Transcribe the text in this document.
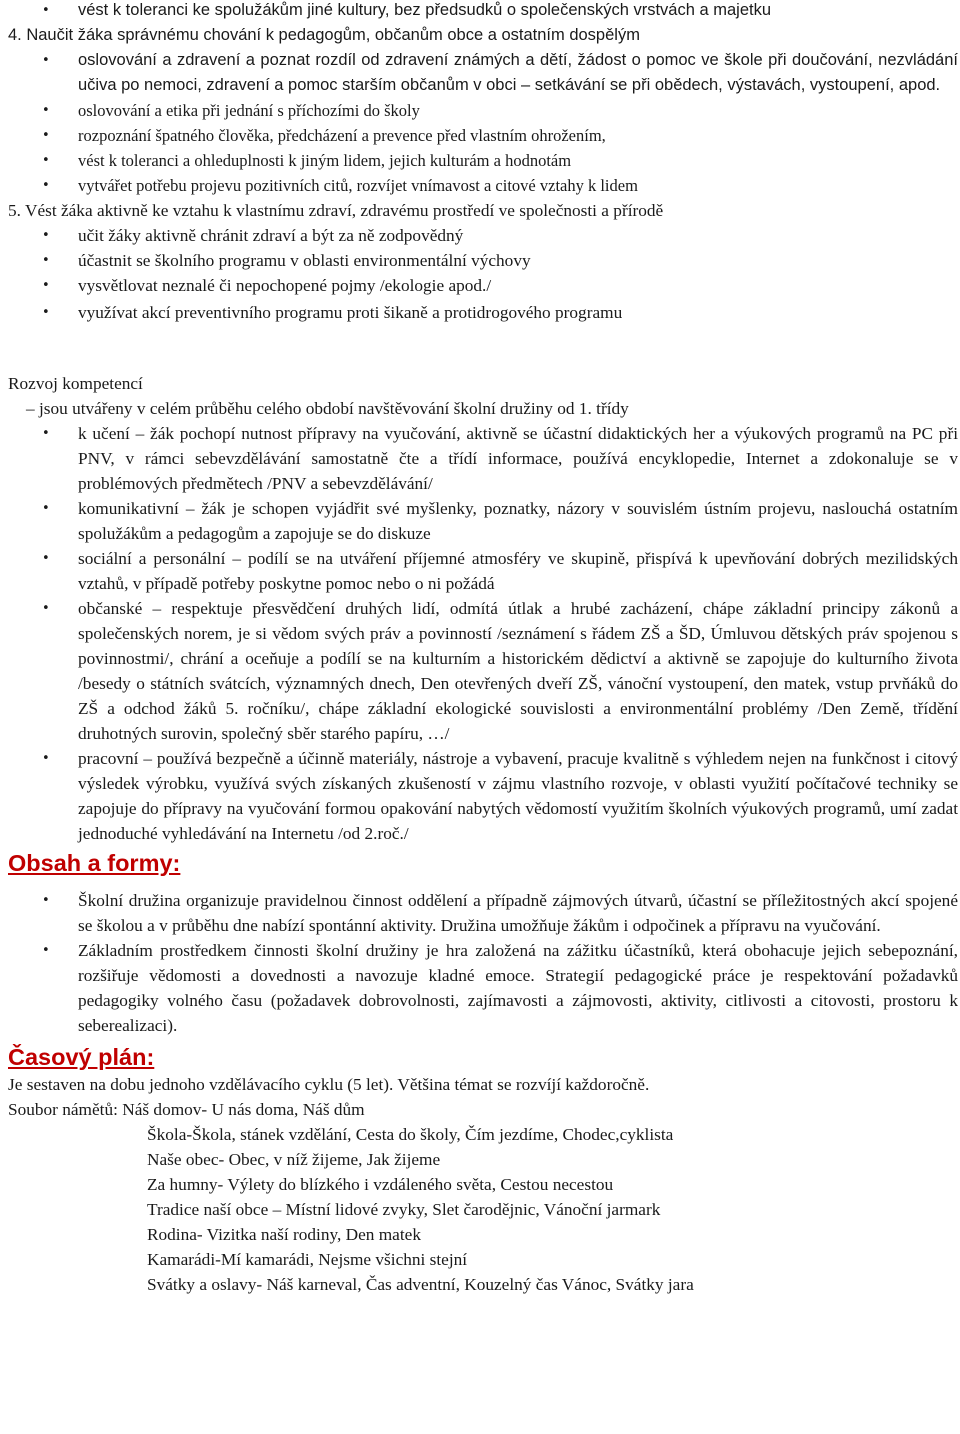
• vést k toleranci ke spolužákům jiné kultury, bez předsudků o společenských vrstvách a majetku
4. Naučit žáka správnému chování k pedagogům, občanům obce a ostatním dospělým
• oslovování a zdravení a poznat rozdíl od zdravení známých a dětí, žádost o pomoc ve škole při doučování, nezvládání učiva po nemoci, zdravení a pomoc starším občanům v obci – setkávání se při obědech, výstavách, vystoupení, apod.
• oslovování a etika při jednání s příchozími do školy
• rozpoznání špatného člověka, předcházení a prevence před vlastním ohrožením,
• vést k toleranci a ohleduplnosti k jiným lidem, jejich kulturám a hodnotám
• vytvářet potřebu projevu pozitivních citů, rozvíjet vnímavost a citové vztahy k lidem
5. Vést žáka aktivně ke vztahu k vlastnímu zdraví, zdravému prostředí ve společnosti a přírodě
• učit žáky aktivně chránit zdraví a být za ně zodpovědný
• účastnit se školního programu v oblasti environmentální výchovy
• vysvětlovat neznalé či nepochopené pojmy /ekologie apod./
• využívat akcí preventivního programu proti šikaně a protidrogového programu
Rozvoj kompetencí
– jsou utvářeny v celém průběhu celého období navštěvování školní družiny od 1. třídy
• k učení – žák pochopí nutnost přípravy na vyučování, aktivně se účastní didaktických her a výukových programů na PC při PNV, v rámci sebevzdělávání samostatně čte a třídí informace, používá encyklopedie, Internet a zdokonaluje se v problémových předmětech /PNV a sebevzdělávání/
• komunikativní – žák je schopen vyjádřit své myšlenky, poznatky, názory v souvislém ústním projevu, naslouchá ostatním spolužákům a pedagogům a zapojuje se do diskuze
• sociální a personální – podílí se na utváření příjemné atmosféry ve skupině, přispívá k upevňování dobrých mezilidských vztahů, v případě potřeby poskytne pomoc nebo o ni požádá
• občanské – respektuje přesvědčení druhých lidí, odmítá útlak a hrubé zacházení, chápe základní principy zákonů a společenských norem, je si vědom svých práv a povinností /seznámení s řádem ZŠ a ŠD, Úmluvou dětských práv spojenou s povinnostmi/, chrání a oceňuje a podílí se na kulturním a historickém dědictví a aktivně se zapojuje do kulturního života /besedy o státních svátcích, významných dnech, Den otevřených dveří ZŠ, vánoční vystoupení, den matek, vstup prvňáků do ZŠ a odchod žáků 5. ročníku/, chápe základní ekologické souvislosti a environmentální problémy /Den Země, třídění druhotných surovin, společný sběr starého papíru, …/
• pracovní – používá bezpečně a účinně materiály, nástroje a vybavení, pracuje kvalitně s výhledem nejen na funkčnost i citový výsledek výrobku, využívá svých získaných zkušeností v zájmu vlastního rozvoje, v oblasti využití počítačové techniky se zapojuje do přípravy na vyučování formou opakování nabytých vědomostí využitím školních výukových programů, umí zadat jednoduché vyhledávání na Internetu /od 2.roč./
Obsah a formy:
• Školní družina organizuje pravidelnou činnost oddělení a případně zájmových útvarů, účastní se příležitostných akcí spojené se školou a v průběhu dne nabízí spontánní aktivity. Družina umožňuje žákům i odpočinek a přípravu na vyučování.
• Základním prostředkem činnosti školní družiny je hra založená na zážitku účastníků, která obohacuje jejich sebepoznání, rozšiřuje vědomosti a dovednosti a navozuje kladné emoce. Strategií pedagogické práce je respektování požadavků pedagogiky volného času (požadavek dobrovolnosti, zajímavosti a zájmovosti, aktivity, citlivosti a citovosti, prostoru k seberealizaci).
Časový plán:
Je sestaven na dobu jednoho vzdělávacího cyklu (5 let). Většina témat se rozvíjí každoročně.
Soubor námětů: Náš domov- U nás doma, Náš dům
Škola-Škola, stánek vzdělání, Cesta do školy, Čím jezdíme, Chodec,cyklista
Naše obec- Obec, v níž žijeme, Jak žijeme
Za humny- Výlety do blízkého i vzdáleného světa, Cestou necestou
Tradice naší obce – Místní lidové zvyky, Slet čarodějnic, Vánoční jarmark
Rodina- Vizitka naší rodiny, Den matek
Kamarádi-Mí kamarádi, Nejsme všichni stejní
Svátky a oslavy- Náš karneval, Čas adventní, Kouzelný čas Vánoc, Svátky jara
